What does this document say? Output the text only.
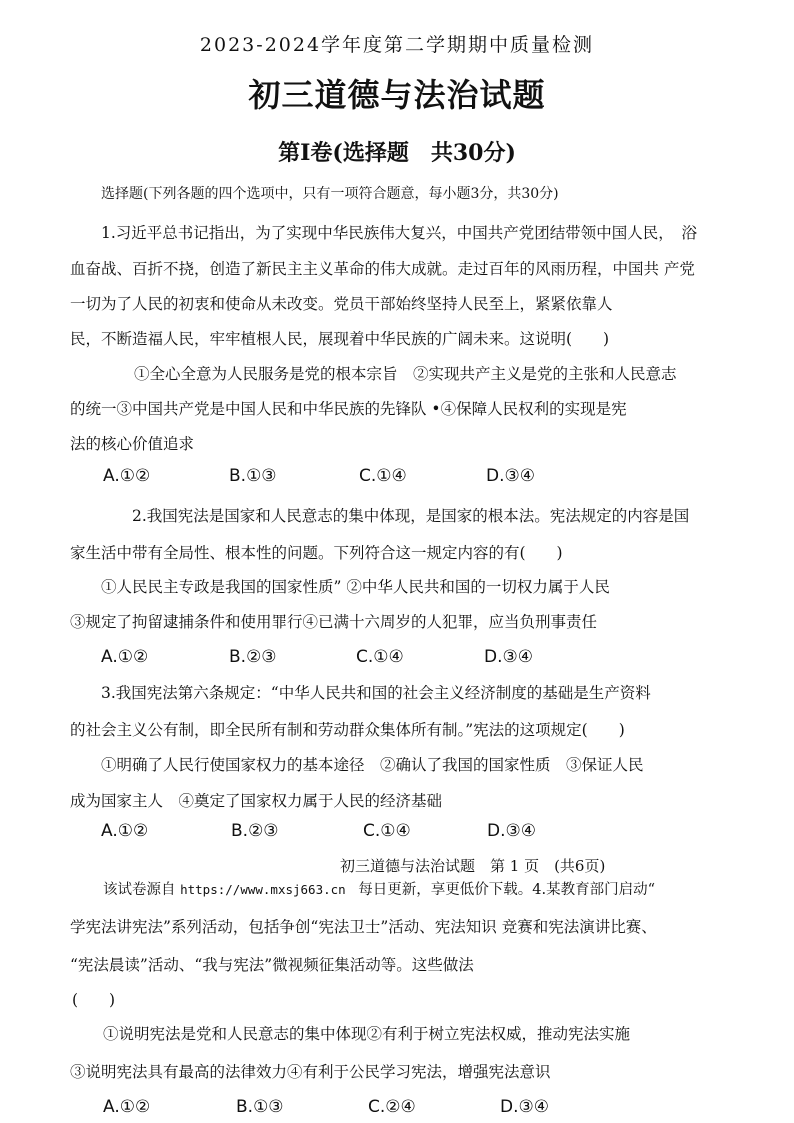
2023-2024学年度第二学期期中质量检测
初三道德与法治试题
第Ⅰ卷(选择题　共30分)
选择题(下列各题的四个选项中，只有一项符合题意，每小题3分，共30分)
1.习近平总书记指出，为了实现中华民族伟大复兴，中国共产党团结带领中国人民，　浴
血奋战、百折不挠，创造了新民主主义革命的伟大成就。走过百年的风雨历程，中国共 产党
一切为了人民的初衷和使命从未改变。党员干部始终坚持人民至上，紧紧依靠人
民，不断造福人民，牢牢植根人民，展现着中华民族的广阔未来。这说明(　　)
①全心全意为人民服务是党的根本宗旨　②实现共产主义是党的主张和人民意志
的统一③中国共产党是中国人民和中华民族的先锋队 •④保障人民权利的实现是宪
法的核心价值追求
A.①②	B.①③	C.①④	D.③④
2.我国宪法是国家和人民意志的集中体现，是国家的根本法。宪法规定的内容是国
家生活中带有全局性、根本性的问题。下列符合这一规定内容的有(　　)
①人民民主专政是我国的国家性质” ②中华人民共和国的一切权力属于人民
③规定了拘留逮捕条件和使用罪行④已满十六周岁的人犯罪，应当负刑事责任
A.①②	B.②③	C.①④	D.③④
3.我国宪法第六条规定：“中华人民共和国的社会主义经济制度的基础是生产资料
的社会主义公有制，即全民所有制和劳动群众集体所有制。”宪法的这项规定(　　)
①明确了人民行使国家权力的基本途径　②确认了我国的国家性质　③保证人民
成为国家主人　④奠定了国家权力属于人民的经济基础
A.①②	B.②③	C.①④	D.③④
初三道德与法治试题　第 1 页　(共6页)
该试卷源自 https://www.mxsj663.cn 每日更新，享更低价下载。4.某教育部门启动“
学宪法讲宪法”系列活动，包括争创“宪法卫士”活动、宪法知识 竞赛和宪法演讲比赛、
“宪法晨读”活动、“我与宪法”微视频征集活动等。这些做法
(　　)
①说明宪法是党和人民意志的集中体现②有利于树立宪法权威，推动宪法实施
③说明宪法具有最高的法律效力④有利于公民学习宪法，增强宪法意识
A.①②	B.①③	C.②④	D.③④
